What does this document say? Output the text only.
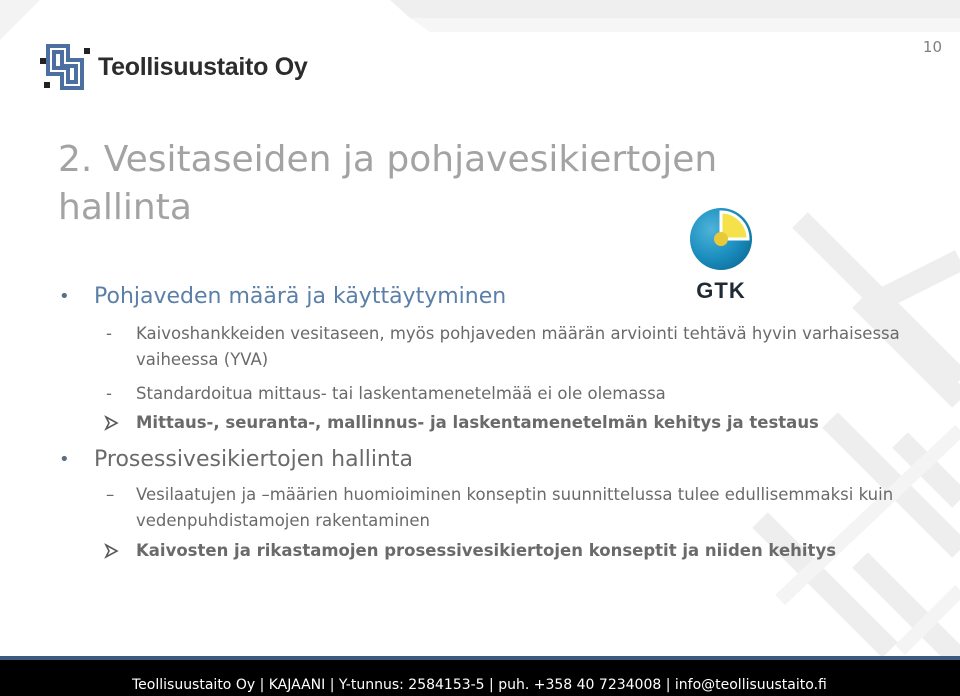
10
Teollisuustaito Oy
GTK
2. Vesitaseiden ja pohjavesikiertojen hallinta
• Pohjaveden määrä ja käyttäytyminen
- Kaivoshankkeiden vesitaseen, myös pohjaveden määrän arviointi tehtävä hyvin varhaisessa vaiheessa (YVA)
- Standardoitua mittaus- tai laskentamenetelmää ei ole olemassa
Mittaus-, seuranta-, mallinnus- ja laskentamenetelmän kehitys ja testaus
• Prosessivesikiertojen hallinta
– Vesilaatujen ja –määrien huomioiminen konseptin suunnittelussa tulee edullisemmaksi kuin vedenpuhdistamojen rakentaminen
Kaivosten ja rikastamojen prosessivesikiertojen konseptit ja niiden kehitys
Teollisuustaito Oy | KAJAANI | Y-tunnus: 2584153-5 | puh. +358 40 7234008 | info@teollisuustaito.fi
